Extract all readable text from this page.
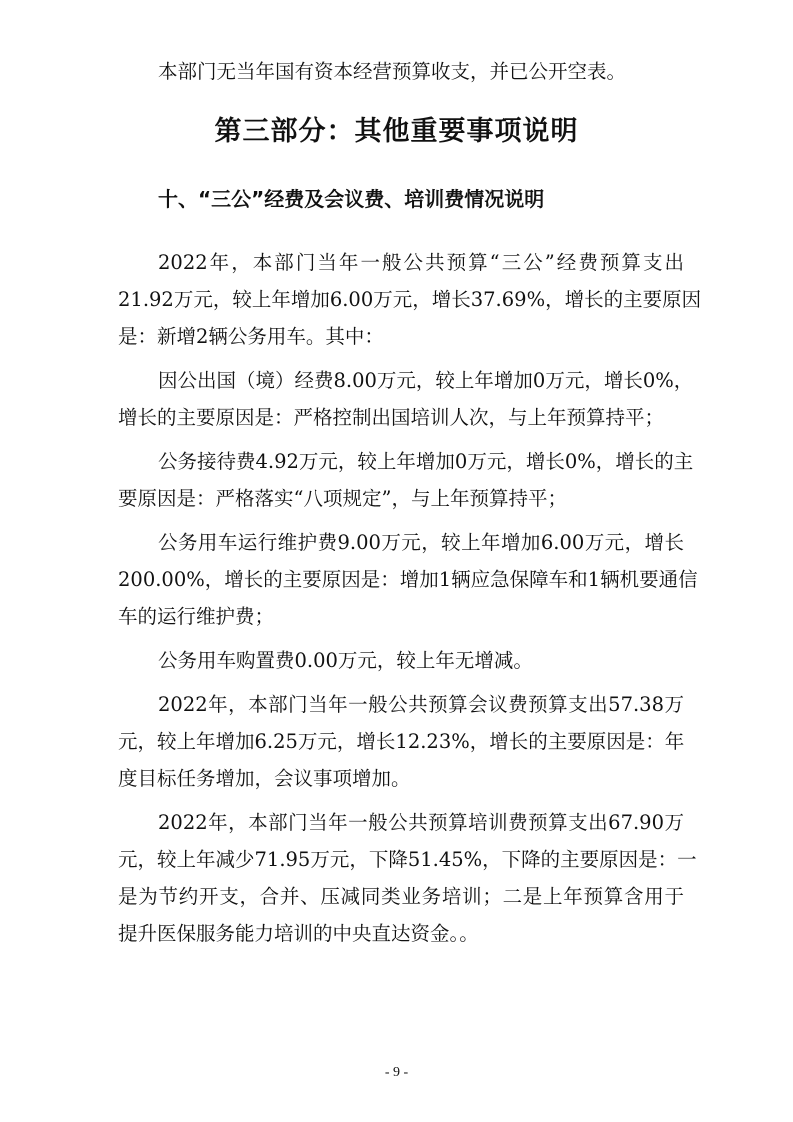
本部门无当年国有资本经营预算收支，并已公开空表。
第三部分：其他重要事项说明
十、“三公”经费及会议费、培训费情况说明
2022年，本部门当年一般公共预算“三公”经费预算支出
21.92万元，较上年增加6.00万元，增长37.69%，增长的主要原因
是：新增2辆公务用车。其中：
因公出国（境）经费8.00万元，较上年增加0万元，增长0%，
增长的主要原因是：严格控制出国培训人次，与上年预算持平；
公务接待费4.92万元，较上年增加0万元，增长0%，增长的主
要原因是：严格落实“八项规定”，与上年预算持平；
公务用车运行维护费9.00万元，较上年增加6.00万元，增长
200.00%，增长的主要原因是：增加1辆应急保障车和1辆机要通信
车的运行维护费；
公务用车购置费0.00万元，较上年无增减。
2022年，本部门当年一般公共预算会议费预算支出57.38万
元，较上年增加6.25万元，增长12.23%，增长的主要原因是：年
度目标任务增加，会议事项增加。
2022年，本部门当年一般公共预算培训费预算支出67.90万
元，较上年减少71.95万元，下降51.45%，下降的主要原因是：一
是为节约开支，合并、压减同类业务培训；二是上年预算含用于
提升医保服务能力培训的中央直达资金。。
- 9 -
